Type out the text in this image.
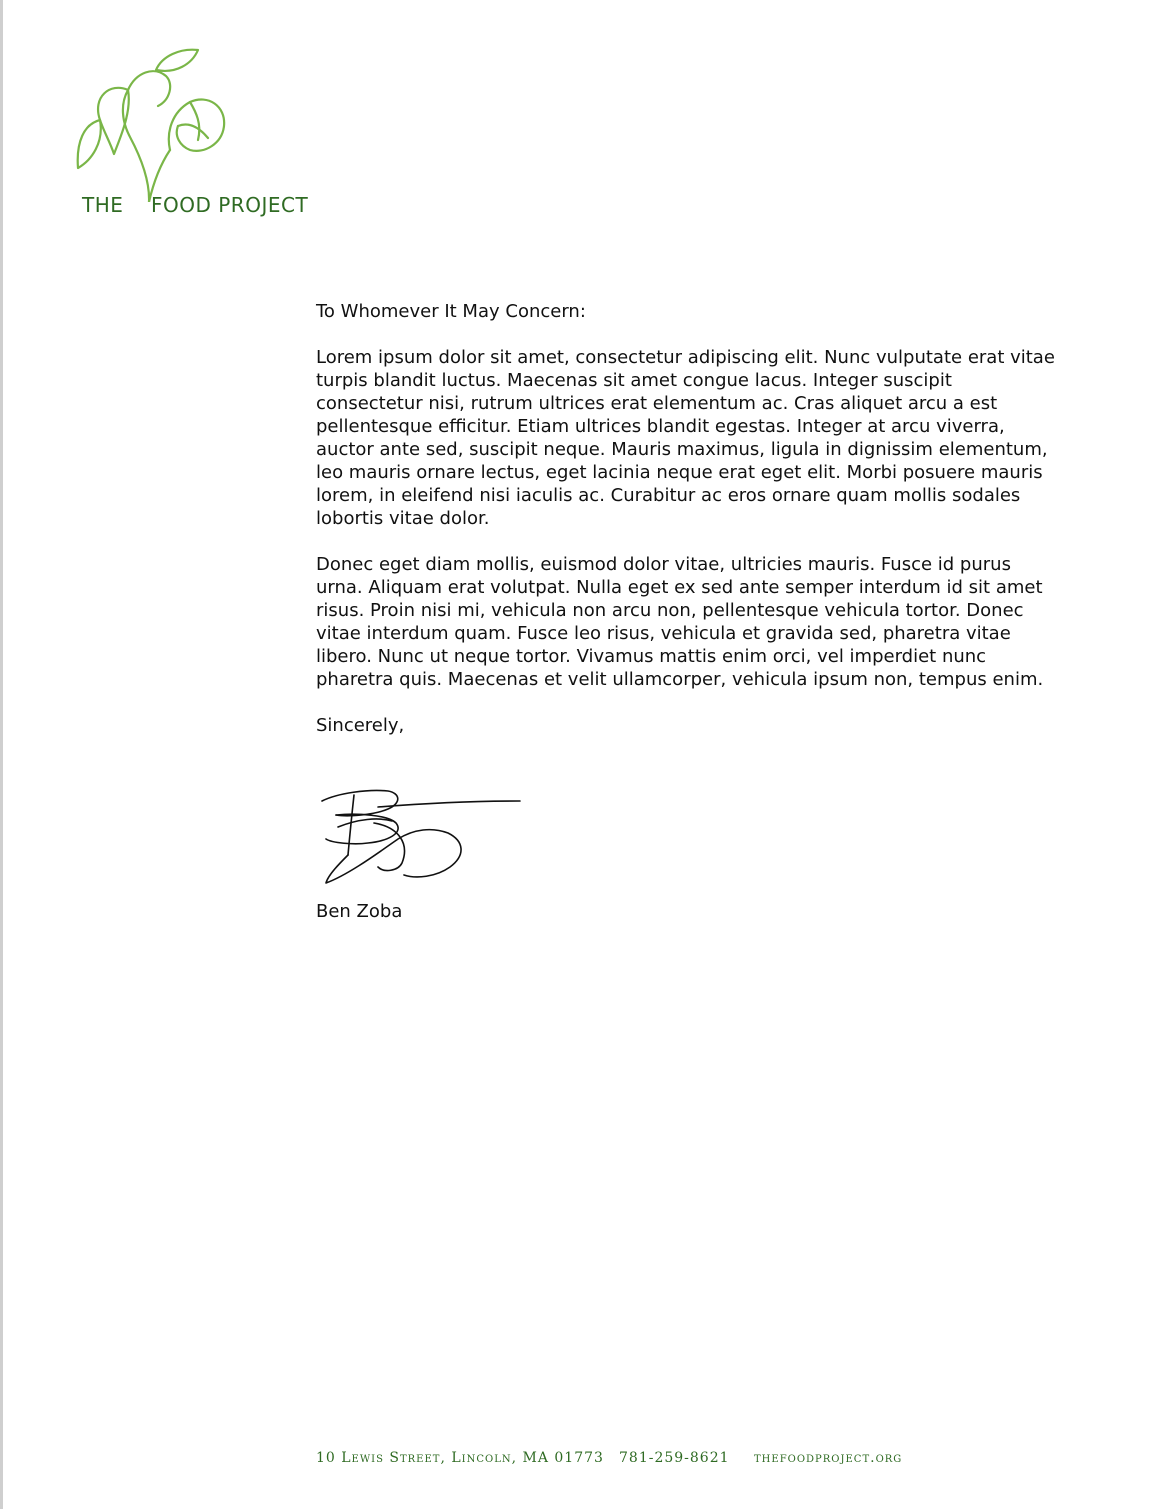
THE FOOD PROJECT

To Whomever It May Concern:

Lorem ipsum dolor sit amet, consectetur adipiscing elit. Nunc vulputate erat vitae turpis blandit luctus. Maecenas sit amet congue lacus. Integer suscipit consectetur nisi, rutrum ultrices erat elementum ac. Cras aliquet arcu a est pellentesque efficitur. Etiam ultrices blandit egestas. Integer at arcu viverra, auctor ante sed, suscipit neque. Mauris maximus, ligula in dignissim elementum, leo mauris ornare lectus, eget lacinia neque erat eget elit. Morbi posuere mauris lorem, in eleifend nisi iaculis ac. Curabitur ac eros ornare quam mollis sodales lobortis vitae dolor.

Donec eget diam mollis, euismod dolor vitae, ultricies mauris. Fusce id purus urna. Aliquam erat volutpat. Nulla eget ex sed ante semper interdum id sit amet risus. Proin nisi mi, vehicula non arcu non, pellentesque vehicula tortor. Donec vitae interdum quam. Fusce leo risus, vehicula et gravida sed, pharetra vitae libero. Nunc ut neque tortor. Vivamus mattis enim orci, vel imperdiet nunc pharetra quis. Maecenas et velit ullamcorper, vehicula ipsum non, tempus enim.

Sincerely,

Ben Zoba
10 Lewis Street, Lincoln, MA 01773 781-259-8621 thefoodproject.org
